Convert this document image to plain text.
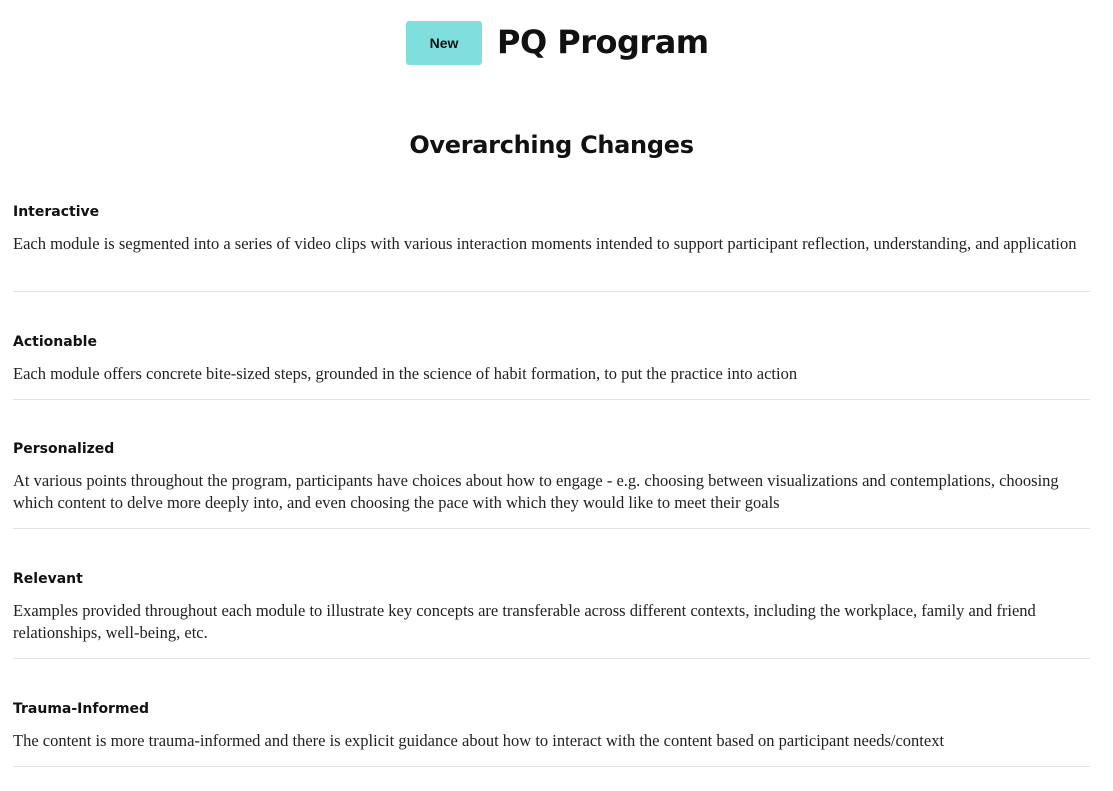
New	PQ Program
Overarching Changes
Interactive
Each module is segmented into a series of video clips with various interaction moments intended to support participant reflection, understanding, and application
Actionable
Each module offers concrete bite-sized steps, grounded in the science of habit formation, to put the practice into action
Personalized
At various points throughout the program, participants have choices about how to engage - e.g. choosing between visualizations and contemplations, choosing which content to delve more deeply into, and even choosing the pace with which they would like to meet their goals
Relevant
Examples provided throughout each module to illustrate key concepts are transferable across different contexts, including the workplace, family and friend relationships, well-being, etc.
Trauma-Informed
The content is more trauma-informed and there is explicit guidance about how to interact with the content based on participant needs/context
